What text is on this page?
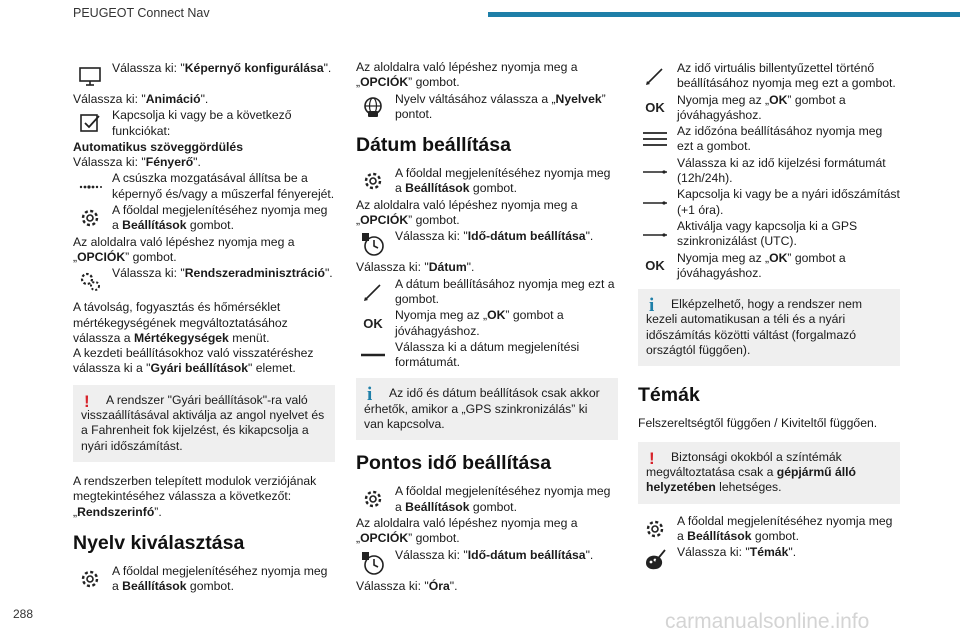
PEUGEOT Connect Nav
Válassza ki: "Képernyő konfigurálása".

Válassza ki: "Animáció".

Kapcsolja ki vagy be a következő funkciókat:

Automatikus szöveggördülés

Válassza ki: "Fényerő".

A csúszka mozgatásával állítsa be a képernyő és/vagy a műszerfal fényerejét.
A főoldal megjelenítéséhez nyomja meg a Beállítások gombot.

Az aloldalra való lépéshez nyomja meg a „OPCIÓK” gombot.

Válassza ki: "Rendszeradminisztráció".

A távolság, fogyasztás és hőmérséklet mértékegységének megváltoztatásához válassza a Mértékegységek menüt.

A kezdeti beállításokhoz való visszatéréshez válassza ki a "Gyári beállítások" elemet.

!	A rendszer "Gyári beállítások"-ra való visszaállításával aktiválja az angol nyelvet és a Fahrenheit fok kijelzést, és kikapcsolja a nyári időszámítást.

A rendszerben telepített modulok verziójának megtekintéséhez válassza a következőt: „Rendszerinfó”.

Nyelv kiválasztása
A főoldal megjelenítéséhez nyomja meg a Beállítások gombot.

Az aloldalra való lépéshez nyomja meg a „OPCIÓK” gombot.

Nyelv váltásához válassza a „Nyelvek” pontot.
Dátum beállítása
A főoldal megjelenítéséhez nyomja meg a Beállítások gombot.

Az aloldalra való lépéshez nyomja meg a „OPCIÓK” gombot.

Válassza ki: "Idő-dátum beállítása".

Válassza ki: "Dátum".

A dátum beállításához nyomja meg ezt a gombot.
OK
Nyomja meg az „OK” gombot a jóváhagyáshoz.
Válassza ki a dátum megjelenítési formátumát.
i	Az idő és dátum beállítások csak akkor érhetők, amikor a „GPS szinkronizálás” ki van kapcsolva.
Pontos idő beállítása
A főoldal megjelenítéséhez nyomja meg a Beállítások gombot.

Az aloldalra való lépéshez nyomja meg a „OPCIÓK” gombot.

Válassza ki: "Idő-dátum beállítása".

Válassza ki: "Óra".

Az idő virtuális billentyűzettel történő beállításához nyomja meg ezt a gombot.
OK
Nyomja meg az „OK” gombot a jóváhagyáshoz.
Az időzóna beállításához nyomja meg ezt a gombot.
Válassza ki az idő kijelzési formátumát (12h/24h).
Kapcsolja ki vagy be a nyári időszámítást (+1 óra).
Aktiválja vagy kapcsolja ki a GPS szinkronizálást (UTC).
OK
Nyomja meg az „OK” gombot a jóváhagyáshoz.
i	Elképzelhető, hogy a rendszer nem kezeli automatikusan a téli és a nyári időszámítás közötti váltást (forgalmazó országtól függően).
Témák

Felszereltségtől függően / Kiviteltől függően.

!	Biztonsági okokból a színtémák megváltoztatása csak a gépjármű álló helyzetében lehetséges.
A főoldal megjelenítéséhez nyomja meg a Beállítások gombot.
Válassza ki: "Témák".
288	carmanualsonline.info
